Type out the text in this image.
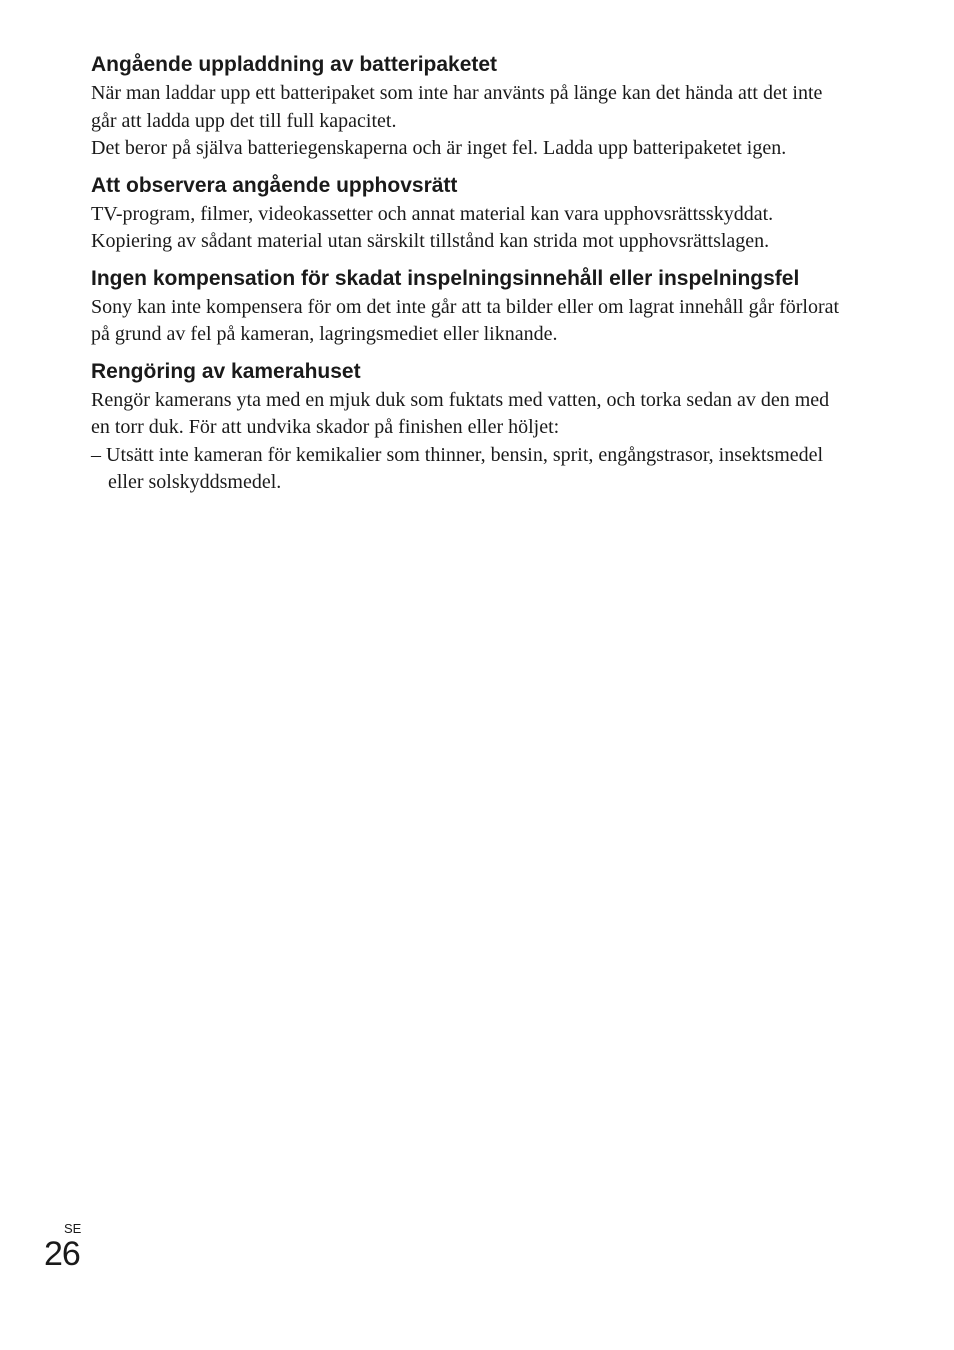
Angående uppladdning av batteripaketet

När man laddar upp ett batteripaket som inte har använts på länge kan det hända att det inte går att ladda upp det till full kapacitet.

Det beror på själva batteriegenskaperna och är inget fel. Ladda upp batteripaketet igen.

Att observera angående upphovsrätt

TV-program, filmer, videokassetter och annat material kan vara upphovsrättsskyddat. Kopiering av sådant material utan särskilt tillstånd kan strida mot upphovsrättslagen.

Ingen kompensation för skadat inspelningsinnehåll eller inspelningsfel

Sony kan inte kompensera för om det inte går att ta bilder eller om lagrat innehåll går förlorat på grund av fel på kameran, lagringsmediet eller liknande.

Rengöring av kamerahuset

Rengör kamerans yta med en mjuk duk som fuktats med vatten, och torka sedan av den med en torr duk. För att undvika skador på finishen eller höljet:

– Utsätt inte kameran för kemikalier som thinner, bensin, sprit, engångstrasor, insektsmedel eller solskyddsmedel.

SE
26
